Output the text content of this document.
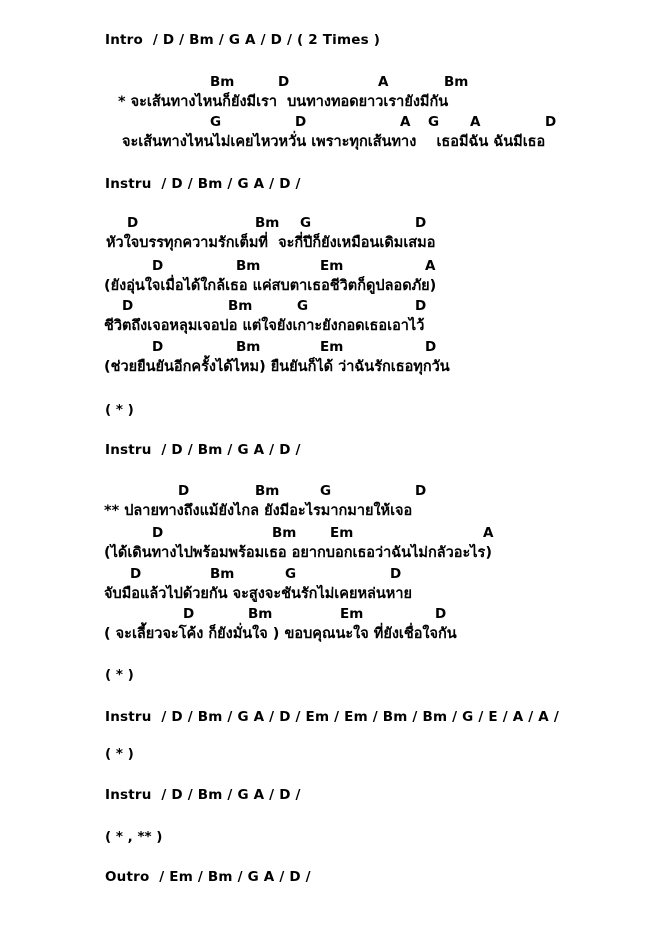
Intro  / D / Bm / G A / D / ( 2 Times )

Bm

	D

	A

	Bm

* จะเส้นทางไหนก็ยังมีเรา  บนทางทอดยาวเรายังมีกัน

G

	D

	A

G

A

	D

จะเส้นทางไหนไม่เคยไหวหวั่น เพราะทุกเส้นทาง    เธอมีฉัน ฉันมีเธอ
Instru  / D / Bm / G A / D /

D

	Bm

G

	D

หัวใจบรรทุกความรักเต็มที่  จะกี่ปีก็ยังเหมือนเดิมเสมอ

D

	Bm

	Em

	A

(ยังอุ่นใจเมื่อได้ใกล้เธอ แค่สบตาเธอชีวิตก็ดูปลอดภัย)

D

	Bm

	G

	D

ชีวิตถึงเจอหลุมเจอบ่อ แต่ใจยังเกาะยังกอดเธอเอาไว้

D

	Bm

	Em

	D

(ช่วยยืนยันอีกครั้งได้ไหม) ยืนยันก็ได้ ว่าฉันรักเธอทุกวัน
( * )
Instru  / D / Bm / G A / D /

D

	Bm

	G

	D

** ปลายทางถึงแม้ยังไกล ยังมีอะไรมากมายให้เจอ

D

	Bm

Em

	A

(ได้เดินทางไปพร้อมพร้อมเธอ อยากบอกเธอว่าฉันไม่กลัวอะไร)

D

	Bm

	G

	D

จับมือแล้วไปด้วยกัน จะสูงจะชันรักไม่เคยหล่นหาย

D

	Bm

	Em

	D

( จะเลี้ยวจะโค้ง ก็ยังมั่นใจ ) ขอบคุณนะใจ ที่ยังเชื่อใจกัน
( * )
Instru  / D / Bm / G A / D / Em / Em / Bm / Bm / G / E / A / A /
( * )
Instru  / D / Bm / G A / D /
( * , ** )
Outro  / Em / Bm / G A / D /
